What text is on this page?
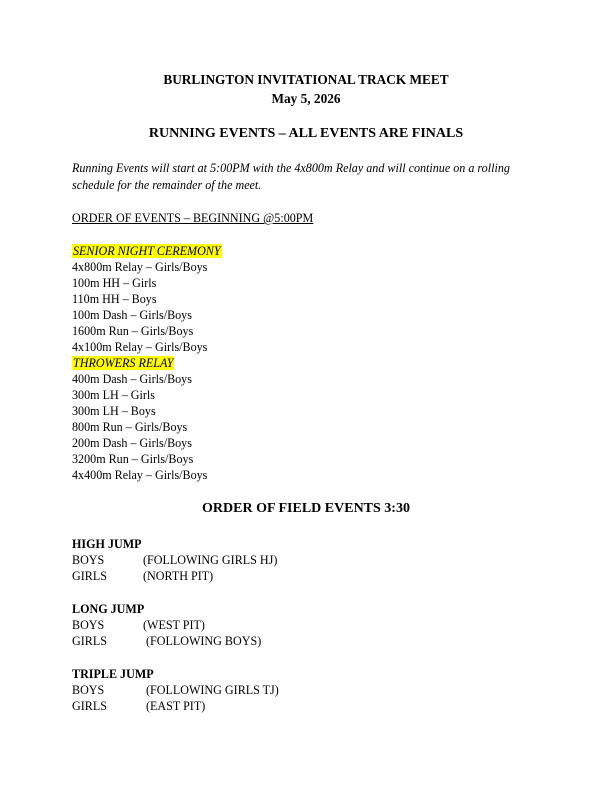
BURLINGTON INVITATIONAL TRACK MEET
May 5, 2026
RUNNING EVENTS – ALL EVENTS ARE FINALS
Running Events will start at 5:00PM with the 4x800m Relay and will continue on a rolling
schedule for the remainder of the meet.
ORDER OF EVENTS – BEGINNING @5:00PM
SENIOR NIGHT CEREMONY
4x800m Relay – Girls/Boys
100m HH – Girls
110m HH – Boys
100m Dash – Girls/Boys
1600m Run – Girls/Boys
4x100m Relay – Girls/Boys
THROWERS RELAY
400m Dash – Girls/Boys
300m LH – Girls
300m LH – Boys
800m Run – Girls/Boys
200m Dash – Girls/Boys
3200m Run – Girls/Boys
4x400m Relay – Girls/Boys
ORDER OF FIELD EVENTS 3:30
HIGH JUMP
BOYS	(FOLLOWING GIRLS HJ)
GIRLS	(NORTH PIT)
LONG JUMP
BOYS	(WEST PIT)
GIRLS	(FOLLOWING BOYS)
TRIPLE JUMP
BOYS	(FOLLOWING GIRLS TJ)
GIRLS	(EAST PIT)
